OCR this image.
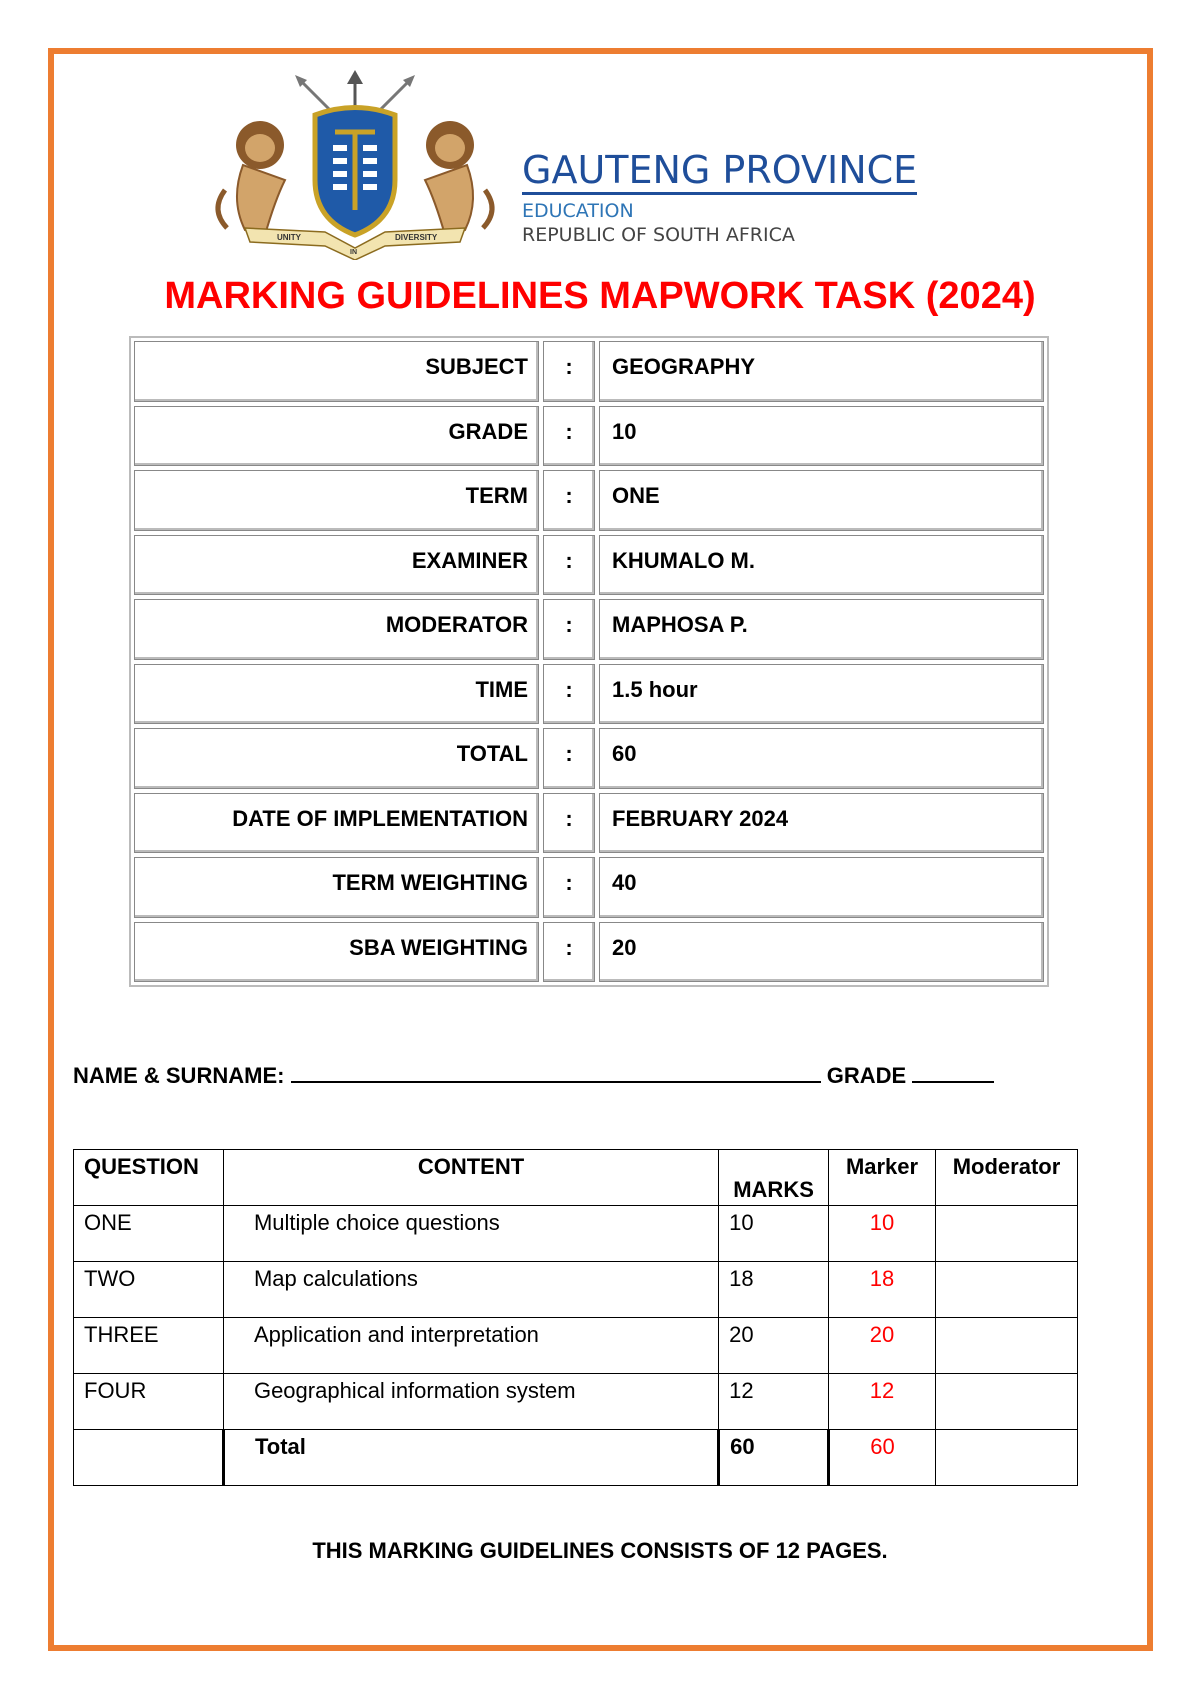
UNITY
IN
DIVERSITY
GAUTENG PROVINCE
EDUCATION
REPUBLIC OF SOUTH AFRICA
MARKING GUIDELINES MAPWORK TASK (2024)
SUBJECT	:	GEOGRAPHY
GRADE	:	10
TERM	:	ONE
EXAMINER	:	KHUMALO M.
MODERATOR	:	MAPHOSA P.
TIME	:	1.5 hour
TOTAL	:	60
DATE OF IMPLEMENTATION	:	FEBRUARY 2024
TERM WEIGHTING	:	40
SBA WEIGHTING	:	20
NAME & SURNAME:	GRADE
QUESTION	CONTENT	MARKS	Marker	Moderator
ONE	Multiple choice questions	10	10	
TWO	Map calculations	18	18	
THREE	Application and interpretation	20	20	
FOUR	Geographical information system	12	12	
	Total	60	60	
THIS MARKING GUIDELINES CONSISTS OF 12 PAGES.
